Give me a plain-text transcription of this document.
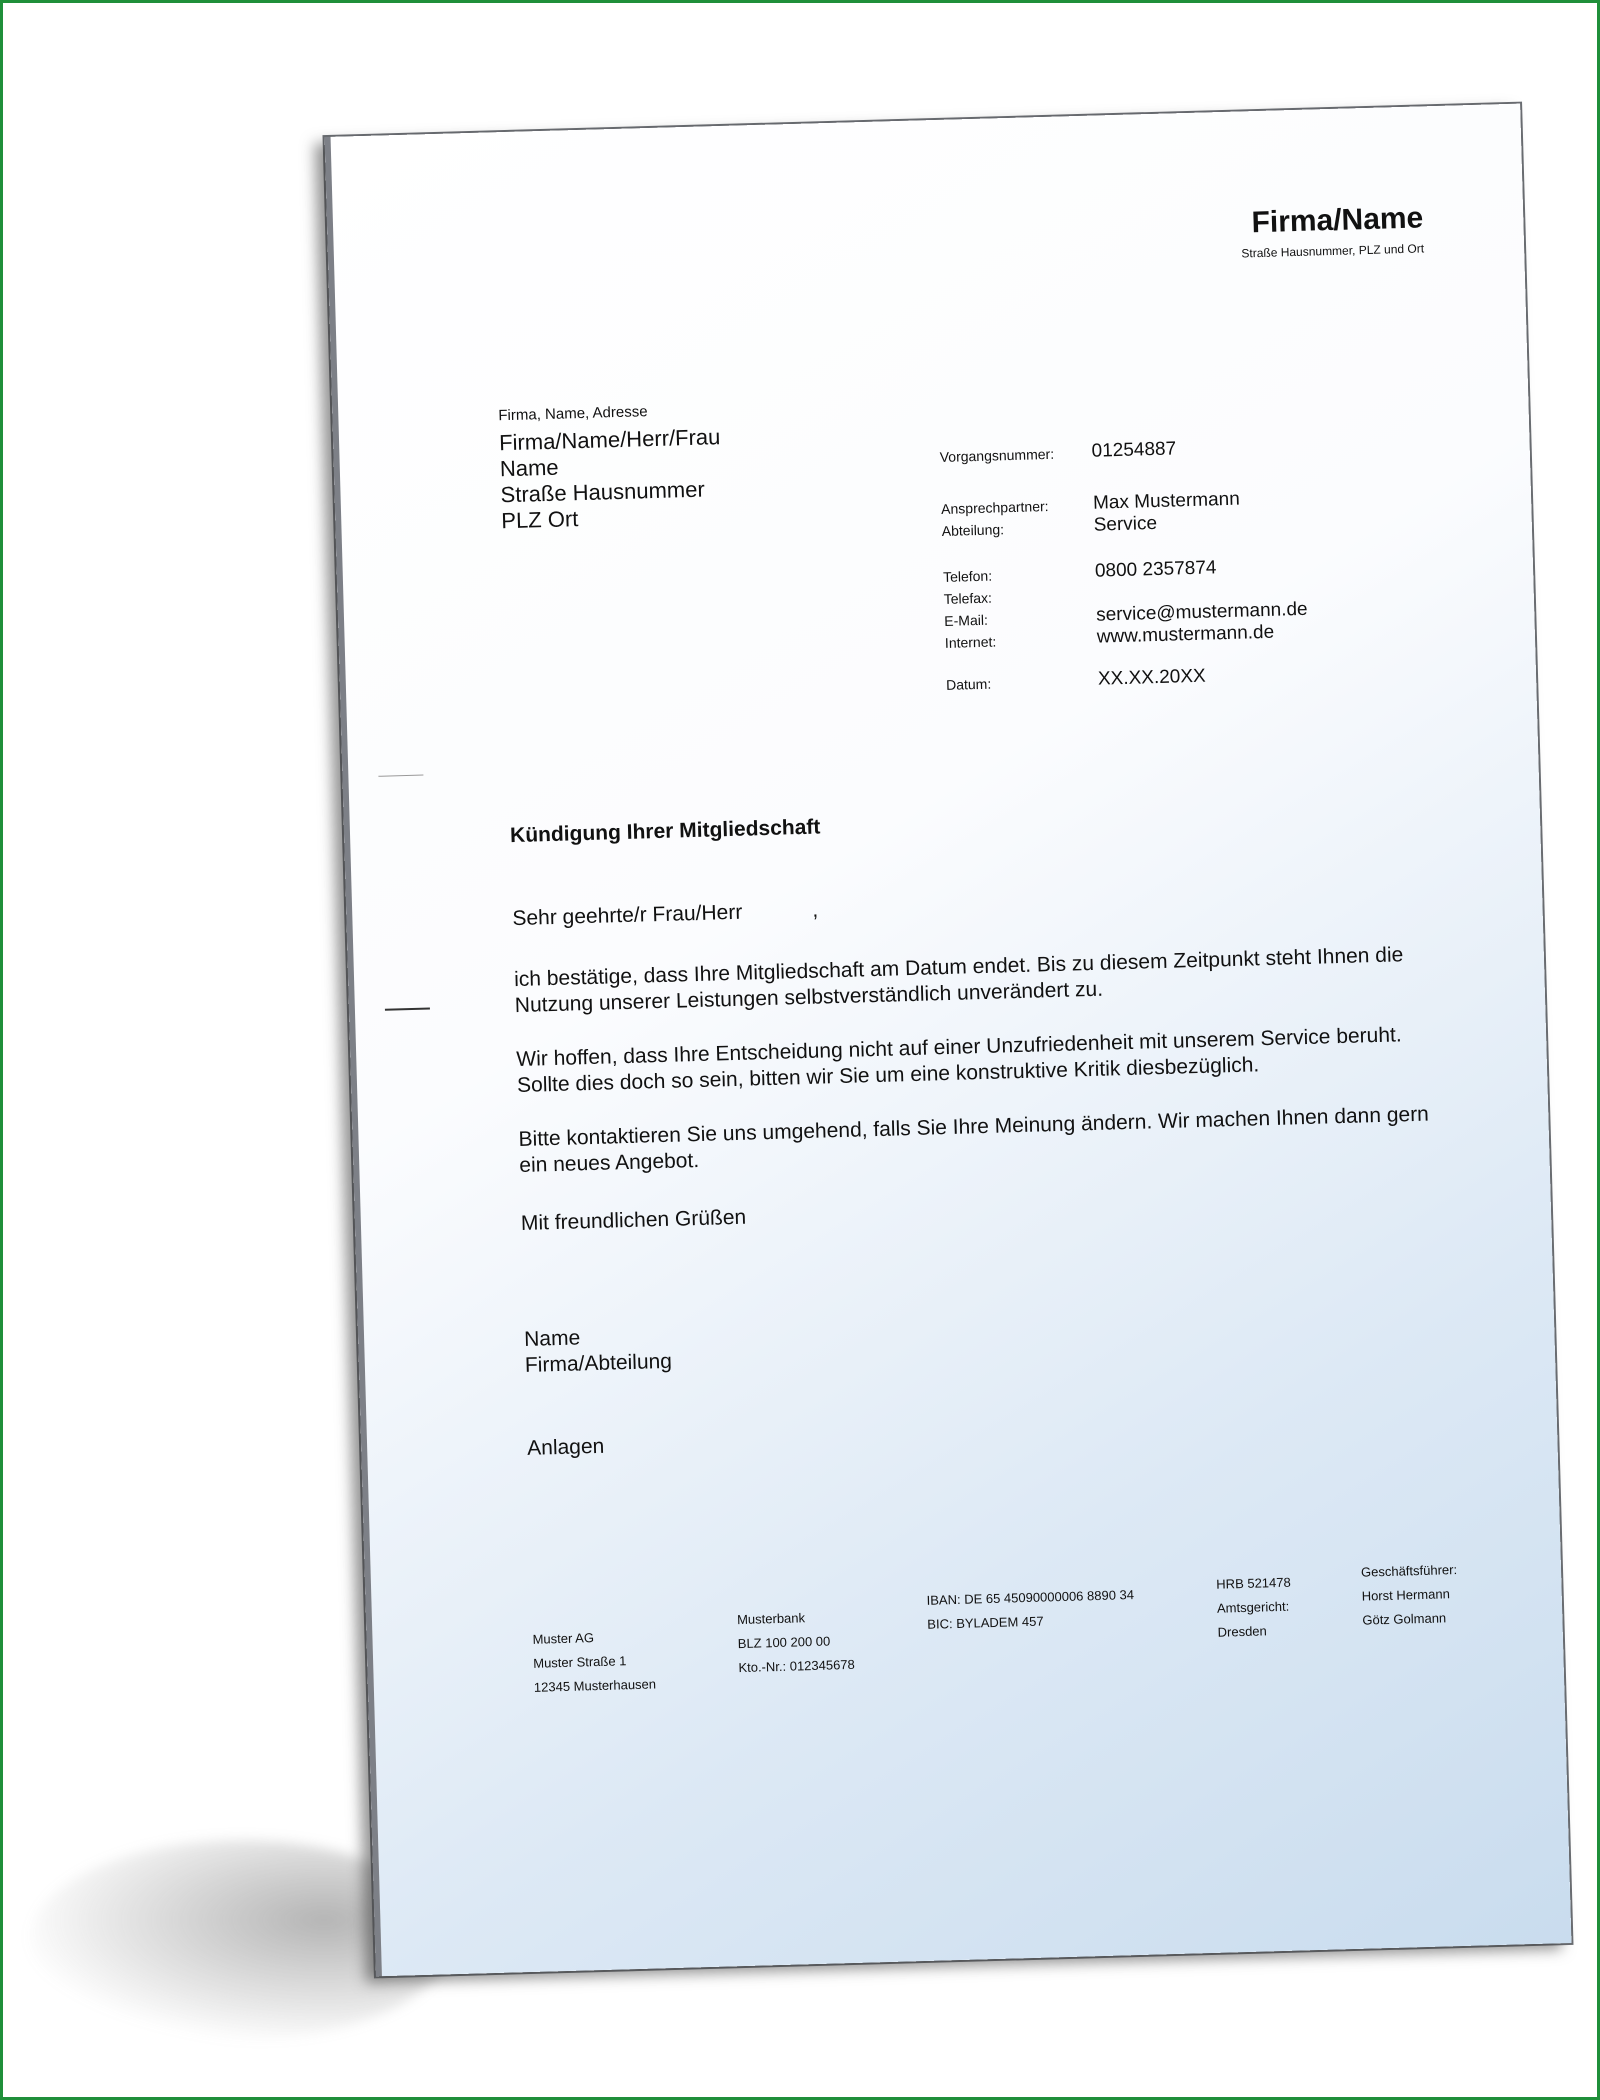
Firma/Name
Straße Hausnummer, PLZ und Ort
Firma, Name, Adresse
Firma/Name/Herr/Frau
Name
Straße Hausnummer
PLZ Ort
Vorgangsnummer: 01254887
Ansprechpartner: Max Mustermann
Abteilung:	Service
Telefon:	0800 2357874
Telefax:
E-Mail:	service@mustermann.de
Internet:	www.mustermann.de
Datum:	XX.XX.20XX
Kündigung Ihrer Mitgliedschaft
Sehr geehrte/r Frau/Herr            ,

ich bestätige, dass Ihre Mitgliedschaft am Datum endet. Bis zu diesem Zeitpunkt steht Ihnen die Nutzung unserer Leistungen selbstverständlich unverändert zu.

Wir hoffen, dass Ihre Entscheidung nicht auf einer Unzufriedenheit mit unserem Service beruht. Sollte dies doch so sein, bitten wir Sie um eine konstruktive Kritik diesbezüglich.

Bitte kontaktieren Sie uns umgehend, falls Sie Ihre Meinung ändern. Wir machen Ihnen dann gern ein neues Angebot.

Mit freundlichen Grüßen
Name
Firma/Abteilung
Anlagen
Muster AG
Muster Straße 1
12345 Musterhausen
Musterbank
BLZ 100 200 00
Kto.-Nr.: 012345678
IBAN: DE 65 45090000006 8890 34
BIC: BYLADEM 457
HRB 521478
Amtsgericht:
Dresden
Geschäftsführer:
Horst Hermann
Götz Golmann
